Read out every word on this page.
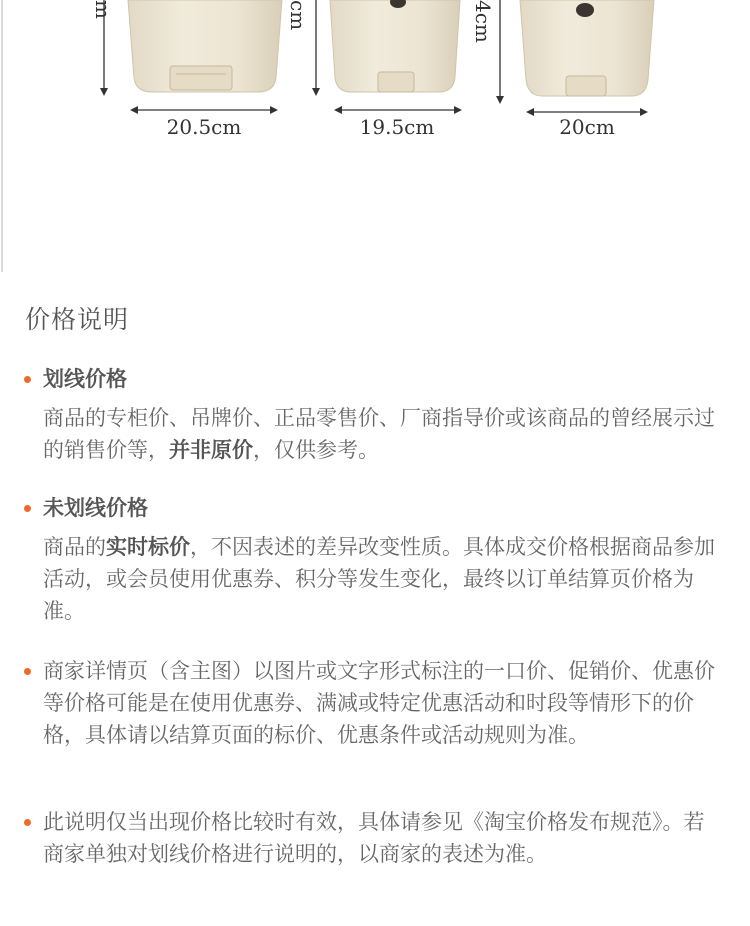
m
20.5cm
cm
19.5cm
4cm
20cm
价格说明
划线价格
商品的专柜价、吊牌价、正品零售价、厂商指导价或该商品的曾经展示过的销售价等，并非原价，仅供参考。
未划线价格
商品的实时标价，不因表述的差异改变性质。具体成交价格根据商品参加活动，或会员使用优惠券、积分等发生变化，最终以订单结算页价格为准。
商家详情页（含主图）以图片或文字形式标注的一口价、促销价、优惠价等价格可能是在使用优惠券、满减或特定优惠活动和时段等情形下的价格，具体请以结算页面的标价、优惠条件或活动规则为准。
此说明仅当出现价格比较时有效，具体请参见《淘宝价格发布规范》。若商家单独对划线价格进行说明的，以商家的表述为准。
